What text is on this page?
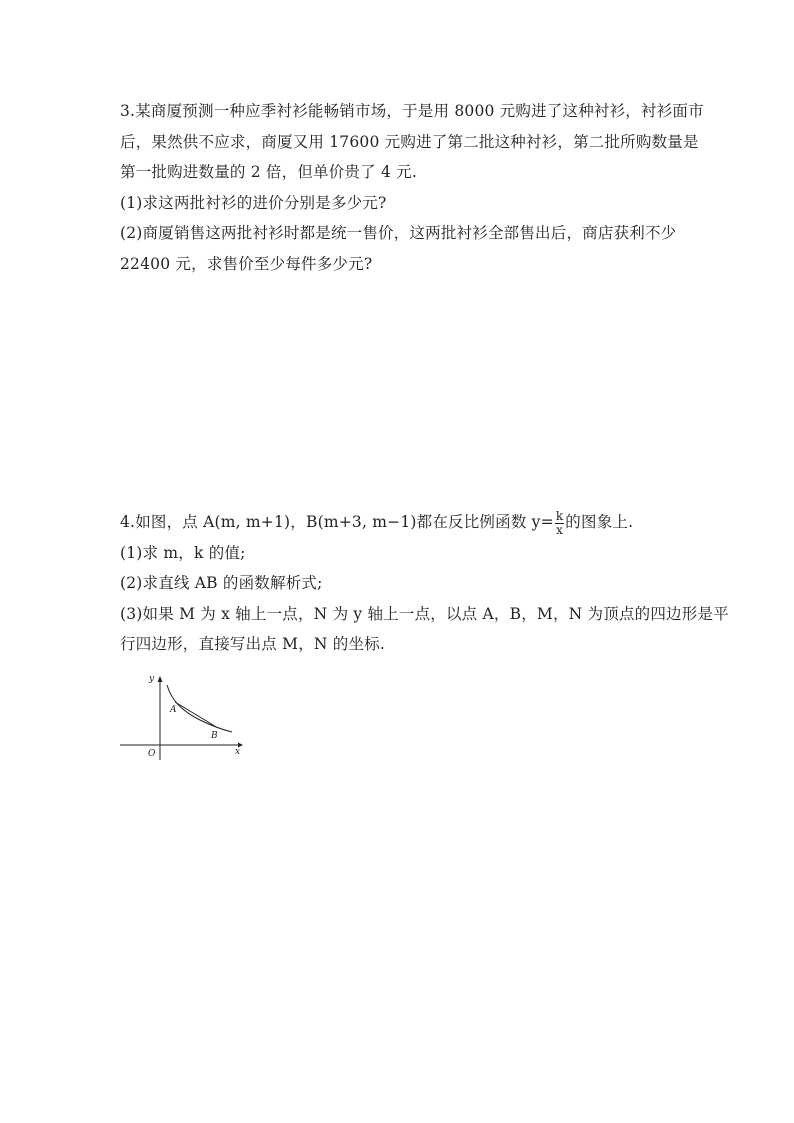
3.某商厦预测一种应季衬衫能畅销市场，于是用 8000 元购进了这种衬衫，衬衫面市
后，果然供不应求，商厦又用 17600 元购进了第二批这种衬衫，第二批所购数量是
第一批购进数量的 2 倍，但单价贵了 4 元.
(1)求这两批衬衫的进价分别是多少元?
(2)商厦销售这两批衬衫时都是统一售价，这两批衬衫全部售出后，商店获利不少
22400 元，求售价至少每件多少元?
4.如图，点 A(m, m+1)，B(m+3, m−1)都在反比例函数 $y= \frac{k}{x}$ 的图象上.
(1)求 m，k 的值;
(2)求直线 AB 的函数解析式;
(3)如果 M 为 x 轴上一点，N 为 y 轴上一点，以点 A，B，M，N 为顶点的四边形是平
行四边形，直接写出点 M，N 的坐标.
y
x
O
A
B
